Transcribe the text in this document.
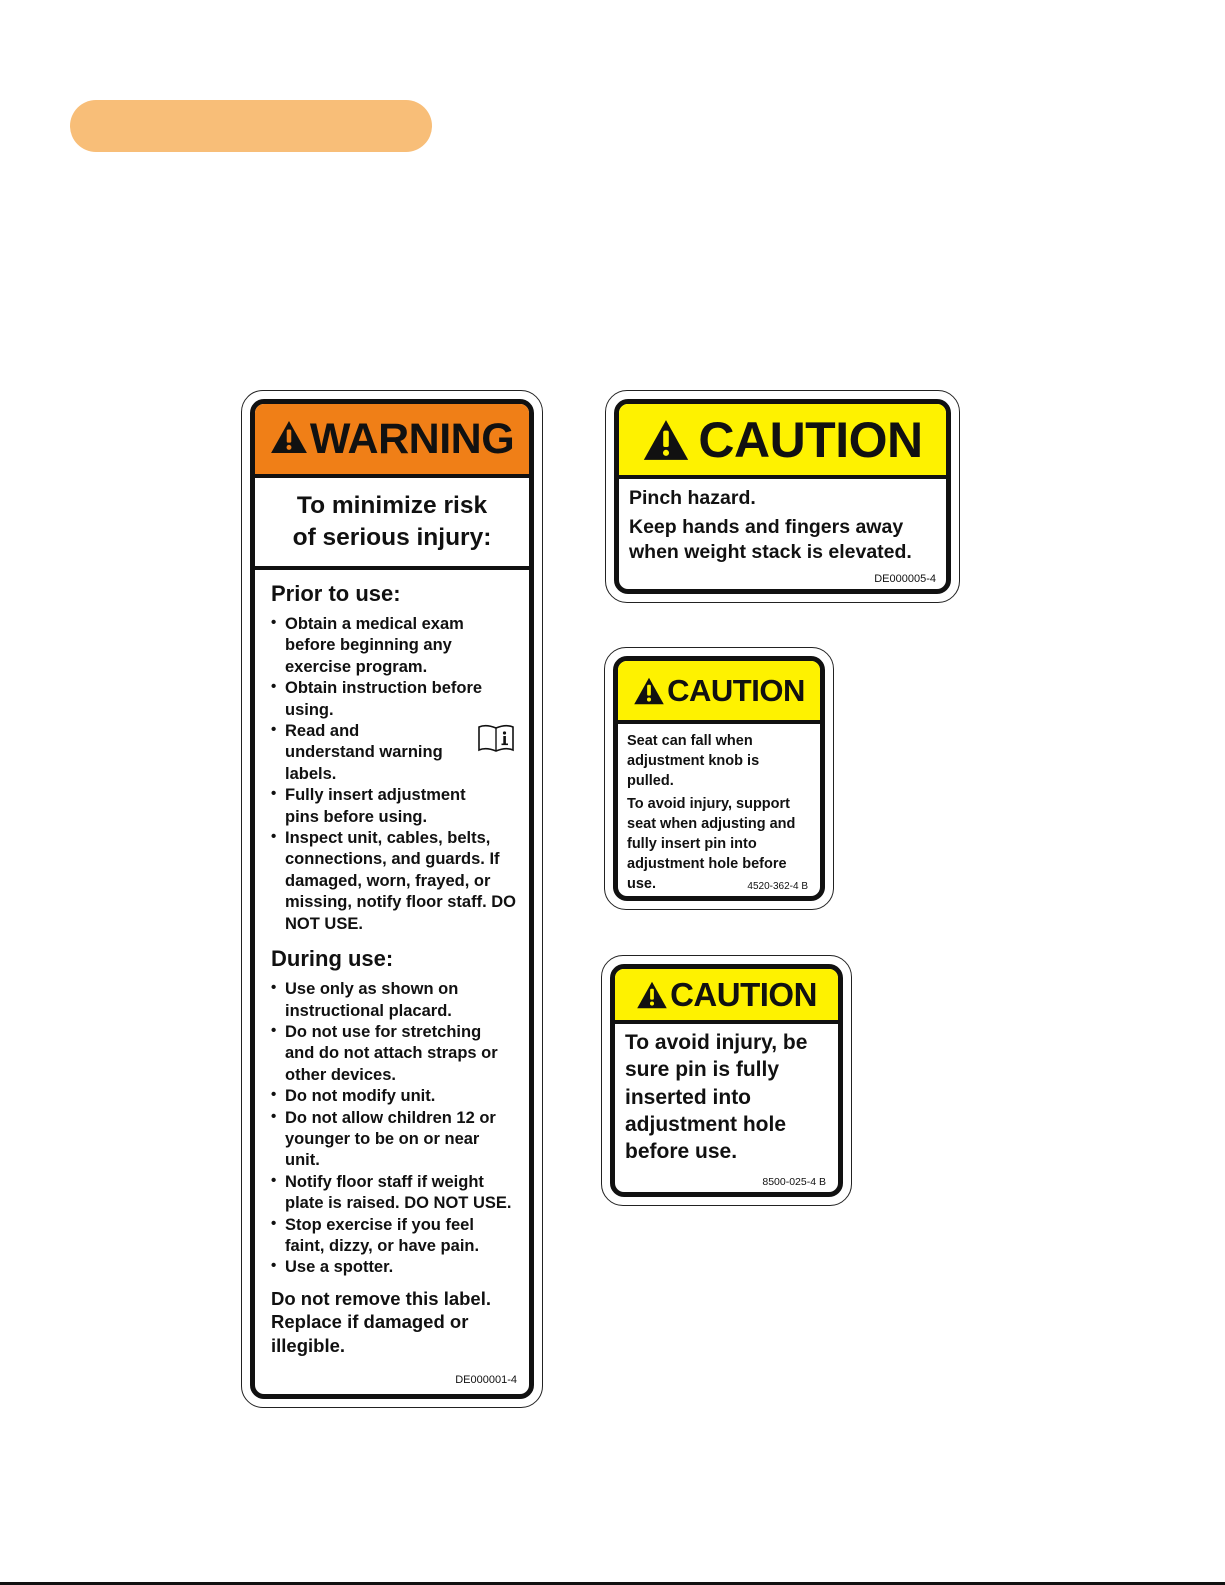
WARNING
To minimize risk
of serious injury:
Prior to use:
• Obtain a medical exam before beginning any exercise program.
• Obtain instruction before using.
• Read and understand warning labels.
• Fully insert adjustment pins before using.
• Inspect unit, cables, belts, connections, and guards. If damaged, worn, frayed, or missing, notify floor staff. DO NOT USE.
During use:
• Use only as shown on instructional placard.
• Do not use for stretching and do not attach straps or other devices.
• Do not modify unit.
• Do not allow children 12 or younger to be on or near unit.
• Notify floor staff if weight plate is raised. DO NOT USE.
• Stop exercise if you feel faint, dizzy, or have pain.
• Use a spotter.
Do not remove this label. Replace if damaged or illegible.
DE000001-4
CAUTION
Pinch hazard.
Keep hands and fingers away when weight stack is elevated.
DE000005-4
CAUTION
Seat can fall when adjustment knob is pulled.
To avoid injury, support seat when adjusting and fully insert pin into adjustment hole before use.	4520-362-4 B
CAUTION
To avoid injury, be sure pin is fully inserted into adjustment hole before use.
8500-025-4 B
